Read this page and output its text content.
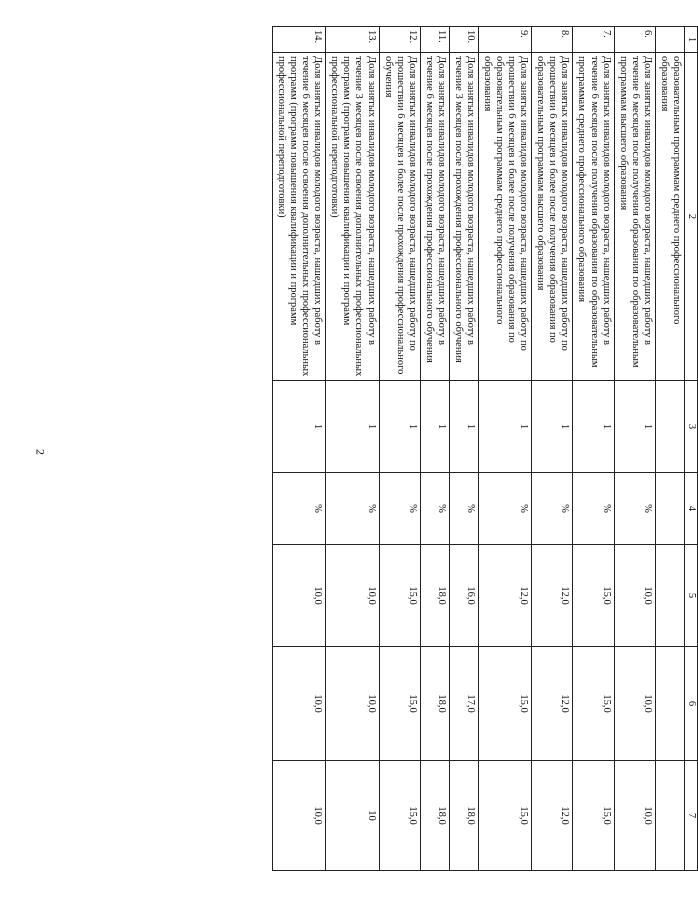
2
1	2	3	4	5	6	7
	образовательным программам среднего профессионального образования					
6.	Доля занятых инвалидов молодого возраста, нашедших работу в течение 6 месяцев после получения образования по образовательным программам высшего образования	1	%	10,0	10,0	10,0
7.	Доля занятых инвалидов молодого возраста, нашедших работу в течение 6 месяцев после получения образования по образовательным программам среднего профессионального образования	1	%	15,0	15,0	15,0
8.	Доля занятых инвалидов молодого возраста, нашедших работу по прошествии 6 месяцев и более после получения образования по образовательным программам высшего образования	1	%	12,0	12,0	12,0
9.	Доля занятых инвалидов молодого возраста, нашедших работу по прошествии 6 месяцев и более после получения образования по образовательным программам среднего профессионального образования	1	%	12,0	15,0	15,0
10.	Доля занятых инвалидов молодого возраста, нашедших работу в течение 3 месяцев после прохождения профессионального обучения	1	%	16,0	17,0	18,0
11.	Доля занятых инвалидов молодого возраста, нашедших работу в течение 6 месяцев после прохождения профессионального обучения	1	%	18,0	18,0	18,0
12.	Доля занятых инвалидов молодого возраста, нашедших работу по прошествии 6 месяцев и более после прохождения профессионального обучения	1	%	15,0	15,0	15,0
13.	Доля занятых инвалидов молодого возраста, нашедших работу в течение 3 месяцев после освоения дополнительных профессиональных программ (программ повышения квалификации и программ профессиональной переподготовки)	1	%	10,0	10,0	10
14.	Доля занятых инвалидов молодого возраста, нашедших работу в течение 6 месяцев после освоения дополнительных профессиональных программ (программ повышения квалификации и программ профессиональной переподготовки)	1	%	10,0	10,0	10,0
